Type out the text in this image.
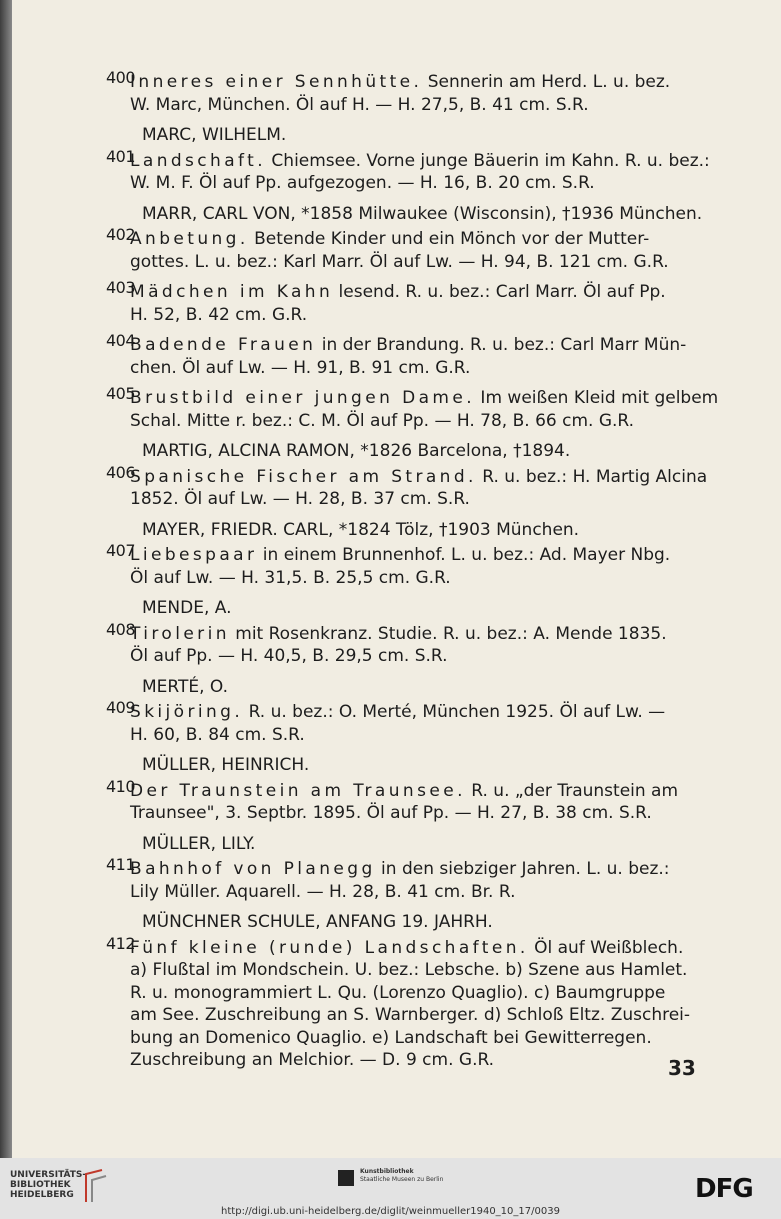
400
Inneres einer Sennhütte. Sennerin am Herd. L. u. bez.
W. Marc, München. Öl auf H. — H. 27,5, B. 41 cm. S.R.
MARC, WILHELM.
401
Landschaft. Chiemsee. Vorne junge Bäuerin im Kahn. R. u. bez.:
W. M. F. Öl auf Pp. aufgezogen. — H. 16, B. 20 cm. S.R.
MARR, CARL VON, *1858 Milwaukee (Wisconsin), †1936 München.
402
Anbetung. Betende Kinder und ein Mönch vor der Mutter-
gottes. L. u. bez.: Karl Marr. Öl auf Lw. — H. 94, B. 121 cm. G.R.
403
Mädchen im Kahn lesend. R. u. bez.: Carl Marr. Öl auf Pp.
H. 52, B. 42 cm. G.R.
404
Badende Frauen in der Brandung. R. u. bez.: Carl Marr Mün-
chen. Öl auf Lw. — H. 91, B. 91 cm. G.R.
405
Brustbild einer jungen Dame. Im weißen Kleid mit gelbem
Schal. Mitte r. bez.: C. M. Öl auf Pp. — H. 78, B. 66 cm. G.R.
MARTIG, ALCINA RAMON, *1826 Barcelona, †1894.
406
Spanische Fischer am Strand. R. u. bez.: H. Martig Alcina
1852. Öl auf Lw. — H. 28, B. 37 cm. S.R.
MAYER, FRIEDR. CARL, *1824 Tölz, †1903 München.
407
Liebespaar in einem Brunnenhof. L. u. bez.: Ad. Mayer Nbg.
Öl auf Lw. — H. 31,5. B. 25,5 cm. G.R.
MENDE, A.
408
Tirolerin mit Rosenkranz. Studie. R. u. bez.: A. Mende 1835.
Öl auf Pp. — H. 40,5, B. 29,5 cm. S.R.
MERTÉ, O.
409
Skijöring. R. u. bez.: O. Merté, München 1925. Öl auf Lw. —
H. 60, B. 84 cm. S.R.
MÜLLER, HEINRICH.
410
Der Traunstein am Traunsee. R. u. „der Traunstein am
Traunsee", 3. Septbr. 1895. Öl auf Pp. — H. 27, B. 38 cm. S.R.
MÜLLER, LILY.
411
Bahnhof von Planegg in den siebziger Jahren. L. u. bez.:
Lily Müller. Aquarell. — H. 28, B. 41 cm. Br. R.
MÜNCHNER SCHULE, ANFANG 19. JAHRH.
412
Fünf kleine (runde) Landschaften. Öl auf Weißblech.
a) Flußtal im Mondschein. U. bez.: Lebsche. b) Szene aus Hamlet.
R. u. monogrammiert L. Qu. (Lorenzo Quaglio). c) Baumgruppe
am See. Zuschreibung an S. Warnberger. d) Schloß Eltz. Zuschrei-
bung an Domenico Quaglio. e) Landschaft bei Gewitterregen.
Zuschreibung an Melchior. — D. 9 cm. G.R.	33
UNIVERSITÄTS-
BIBLIOTHEK
HEIDELBERG
Kunstbibliothek
Staatliche Museen zu Berlin	DFG
http://digi.ub.uni-heidelberg.de/diglit/weinmueller1940_10_17/0039
